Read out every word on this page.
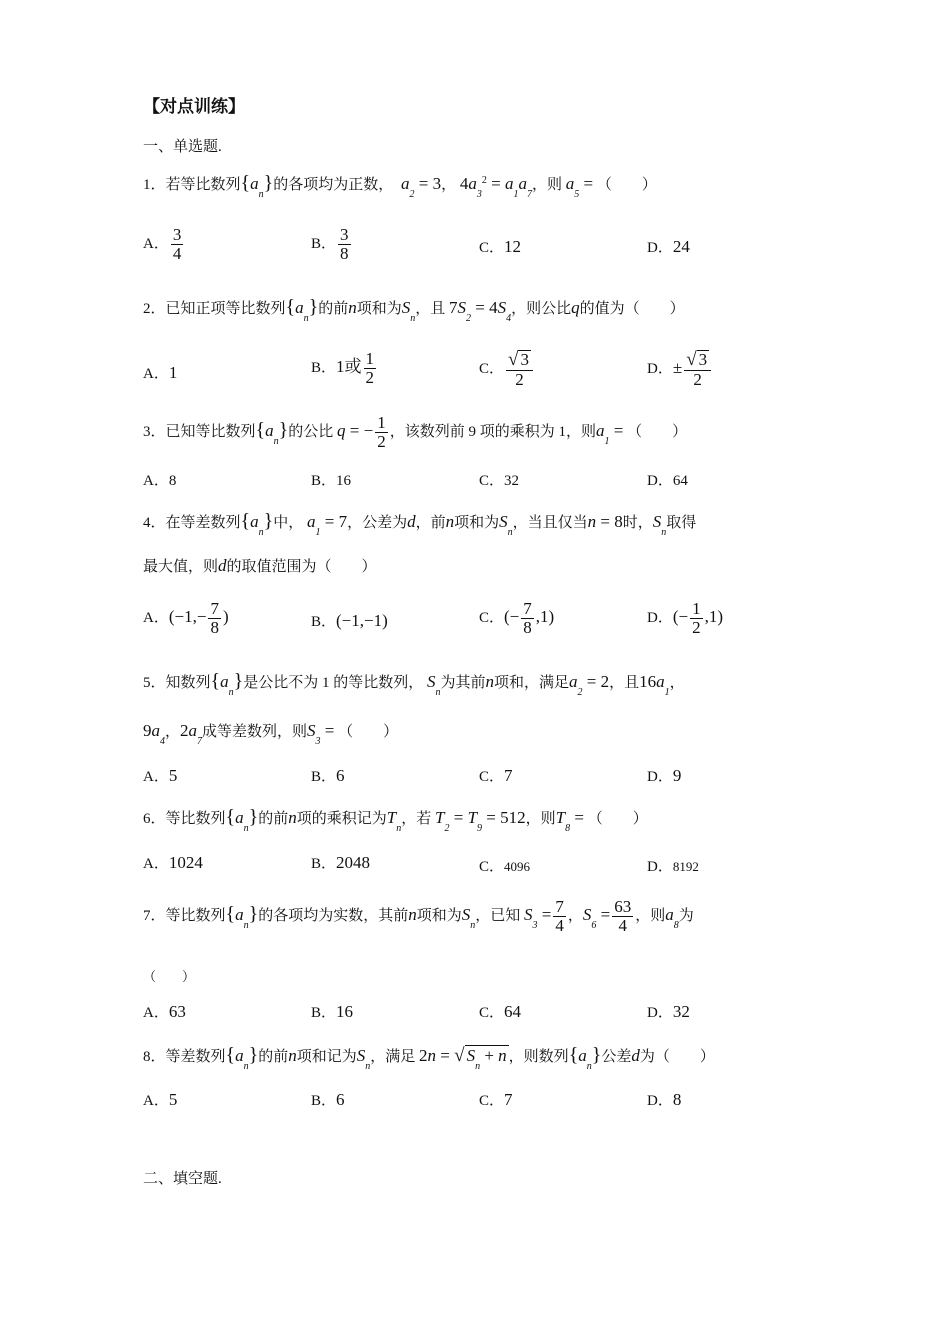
【对点训练】
一、单选题.
1．若等比数列$\{a_n\}$的各项均为正数， $a_2 = 3$， $4a_3^2 = a_1a_7$，则 $a_5$ = （　　）
A． $\frac{3}{4}$	B． $\frac{3}{8}$	C．12	D．24
2．已知正项等比数列$\{a_n\}$的前n项和为$S_n$，且 $7S_2 = 4S_4$，则公比q的值为（　　）
A．1	B．1或 $\frac{1}{2}$	C． $\frac{√ 3}{2}$	D．± $\frac{√ 3}{2}$
3．已知等比数列$\{a_n\}$的公比 q = − $\frac{1}{2}$ ，该数列前 9 项的乘积为 1，则$a_1$ = （　　）
A．8	B．16	C．32	D．64
4．在等差数列$\{a_n\}$中， $a_1 = 7$，公差为d，前n项和为$S_n$，当且仅当n = 8时，$S_n$取得
最大值，则d的取值范围为（　　）
A．($-1,- \frac{7}{8}$ )	B．(−1,−1)	C．(− $\frac{7}{8} ,1$)	D．(− $\frac{1}{2} ,1$)
5．知数列$\{a_n\}$是公比不为 1 的等比数列， $S_n$为其前n项和，满足$a_2 = 2$，且$16a_1$，
$9a_4$，$2a_7$成等差数列，则$S_3$ = （　　）
A．5	B．6	C．7	D．9
6．等比数列$\{a_n\}$的前n项的乘积记为$T_n$，若 $T_2 = T_9 = 512$，则$T_8$ = （　　）
A．1024	B．2048	C．4096	D．8192
7．等比数列$\{a_n\}$的各项均为实数，其前n项和为$S_n$，已知 $S_3 = \frac{7}{4}$ ，$S_6 = \frac{63}{4}$ ，则$a_8$为
（　　）
A．63	B．16	C．64	D．32
8．等差数列$\{a_n\}$的前n项和记为$S_n$，满足 2n = √ $S_n + n$ ，则数列$\{a_n\}$公差d为（　　）
A．5	B．6	C．7	D．8
二、填空题.
